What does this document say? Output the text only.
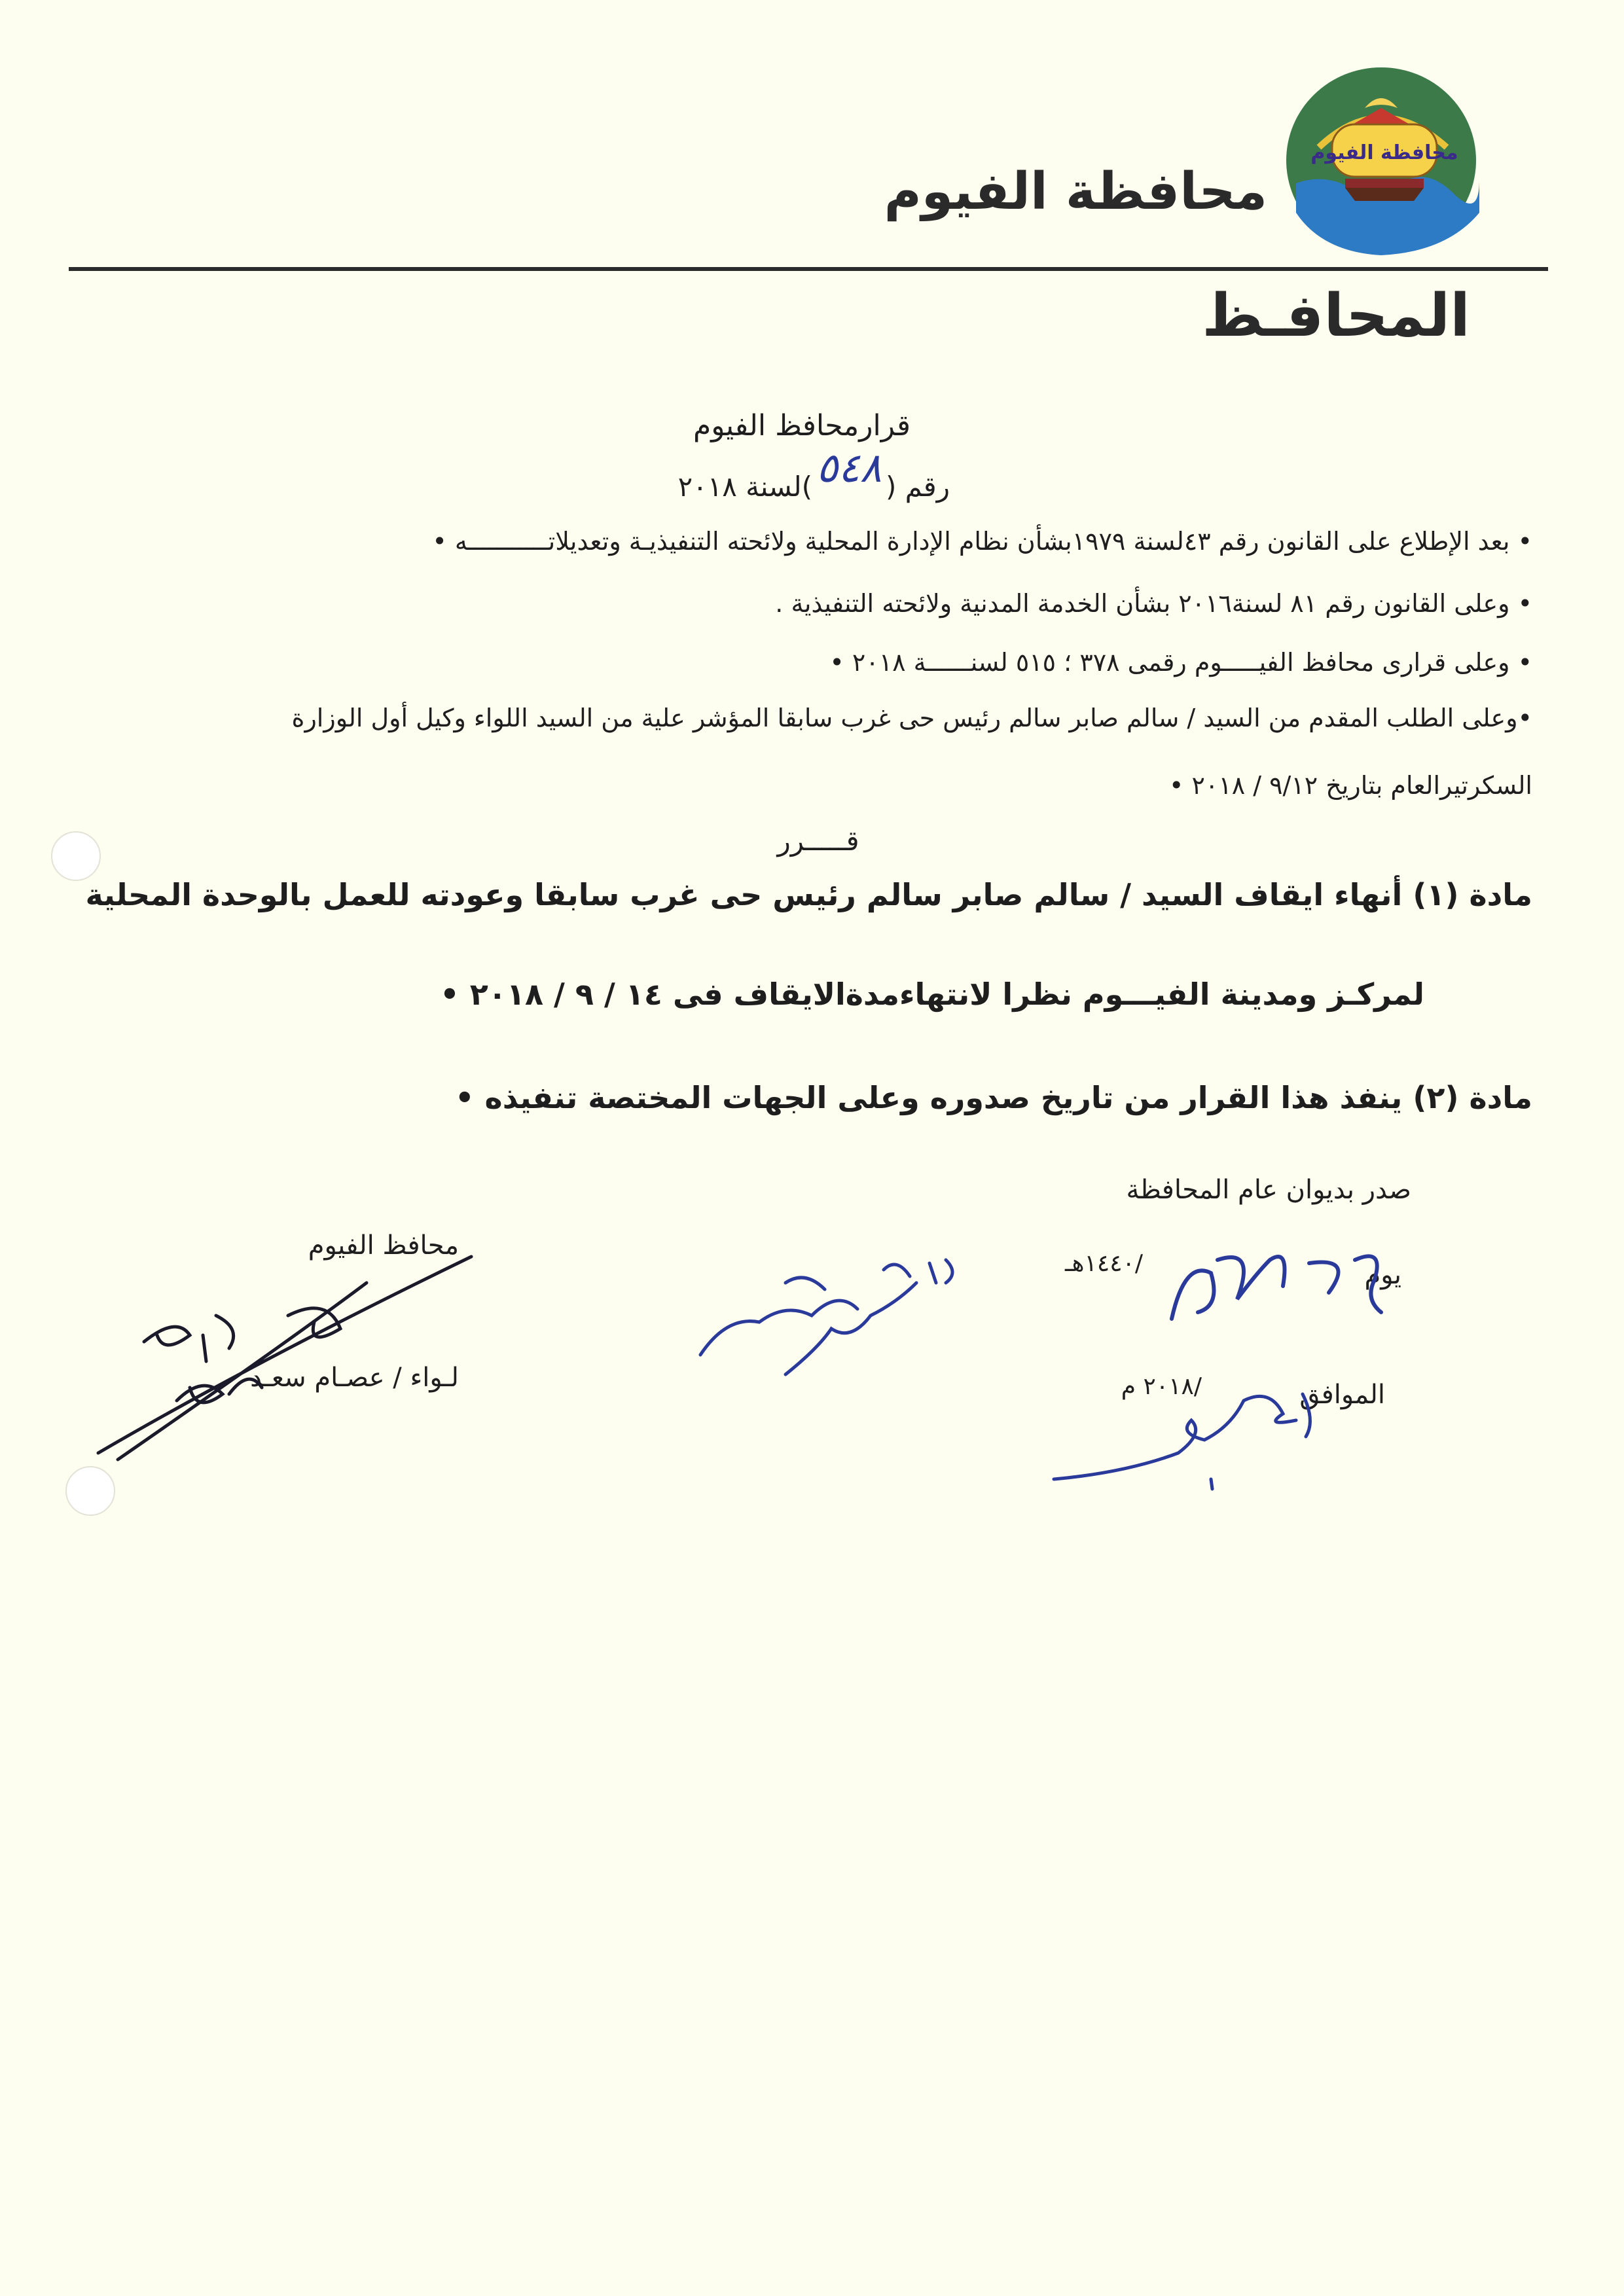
محافظة الفيوم
محافظة الفيوم
المحافـظ
قرارمحافظ الفيوم
رقم (٥٤٨)لسنة ٢٠١٨
• بعد الإطلاع على القانون رقم ٤٣لسنة ١٩٧٩بشأن نظام الإدارة المحلية ولائحته التنفيذيـة وتعديلاتـــــــــــه •
• وعلى القانون رقم ٨١ لسنة٢٠١٦ بشأن الخدمة المدنية ولائحته التنفيذية .
• وعلى قرارى محافظ الفيـــــوم رقمى ٣٧٨ ؛ ٥١٥ لسنــــــة ٢٠١٨ •
•وعلى الطلب المقدم من السيد / سالم صابر سالم رئيس حى غرب سابقا المؤشر علية من السيد اللواء وكيل أول الوزارة
السكرتيرالعام بتاريخ ٩/١٢ / ٢٠١٨ •
قـــــرر
مادة (١) أنهاء ايقاف السيد / سالم صابر سالم رئيس حى غرب سابقا وعودته للعمل بالوحدة المحلية
لمركـز ومدينة الفيـــوم نظرا لانتهاءمدةالايقاف فى ١٤ / ٩ / ٢٠١٨ •
مادة (٢) ينفذ هذا القرار من تاريخ صدوره وعلى الجهات المختصة تنفيذه •
صدر بديوان عام المحافظة
يوم
/١٤٤٠هـ
الموافق
/٢٠١٨ م
محافظ الفيوم
لـواء / عصـام سعـد
